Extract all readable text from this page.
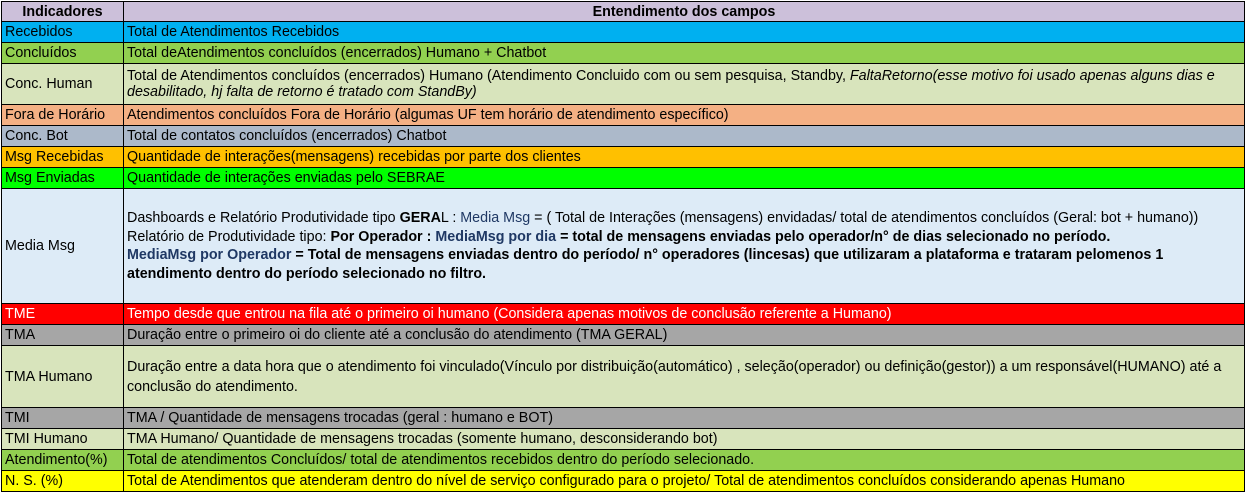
Indicadores	Entendimento dos campos
Recebidos	Total de Atendimentos Recebidos
Concluídos	Total deAtendimentos concluídos (encerrados) Humano + Chatbot
Conc. Human	Total de Atendimentos concluídos (encerrados) Humano (Atendimento Concluido com ou sem pesquisa, Standby, FaltaRetorno(esse motivo foi usado apenas alguns dias e desabilitado, hj falta de retorno é tratado com StandBy)
Fora de Horário	Atendimentos concluídos Fora de Horário (algumas UF tem horário de atendimento específico)
Conc. Bot	Total de contatos concluídos (encerrados) Chatbot
Msg Recebidas	Quantidade de interações(mensagens) recebidas por parte dos clientes
Msg Enviadas	Quantidade de interações enviadas pelo SEBRAE
Media Msg	Dashboards e Relatório Produtividade tipo GERAL : Media Msg = ( Total de Interações (mensagens) envidadas/ total de atendimentos concluídos (Geral: bot + humano))
Relatório de Produtividade tipo: Por Operador : MediaMsg por dia = total de mensagens enviadas pelo operador/n° de dias selecionado no período.
MediaMsg por Operador = Total de mensagens enviadas dentro do período/ n° operadores (lincesas) que utilizaram a plataforma e trataram pelomenos 1 atendimento dentro do período selecionado no filtro.

TME	Tempo desde que entrou na fila até o primeiro oi humano (Considera apenas motivos de conclusão referente a Humano)
TMA	Duração entre o primeiro oi do cliente até a conclusão do atendimento (TMA GERAL)
TMA Humano	Duração entre a data hora que o atendimento foi vinculado(Vínculo por distribuição(automático) , seleção(operador) ou definição(gestor)) a um responsável(HUMANO) até a conclusão do atendimento.
TMI	TMA / Quantidade de mensagens trocadas (geral : humano e BOT)
TMI Humano	TMA Humano/ Quantidade de mensagens trocadas (somente humano, desconsiderando bot)
Atendimento(%)	Total de atendimentos Concluídos/ total de atendimentos recebidos dentro do período selecionado.
N. S. (%)	Total de Atendimentos que atenderam dentro do nível de serviço configurado para o projeto/ Total de atendimentos concluídos considerando apenas Humano
